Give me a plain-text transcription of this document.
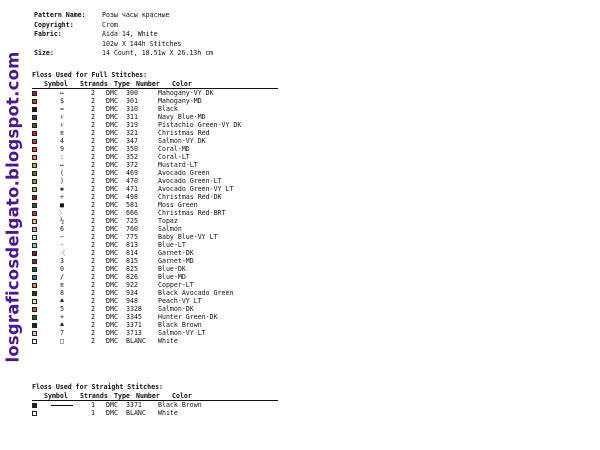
losgraficosdelgato.blogspot.com
Pattern Name:	Розы часы красные
Copyright:	Crom
Fabric:	Aida 14, White
102w X 144h Stitches
Size:	14 Count, 18.51w X 26.13h cm
Floss Used for Full Stitches:
Symbol	Strands Type Number	Color
↔	2	DMC	300	Mahogany-VY DK
$	2	DMC	301	Mahogany-MD
≈	2	DMC	310	Black
↑	2	DMC	311	Navy Blue-MD
↑	2	DMC	319	Pistachio Green-VY DK
≡	2	DMC	321	Christmas Red
4	2	DMC	347	Salmon-VY DK
9	2	DMC	350	Coral-MD
:	2	DMC	352	Coral-LT
↔	2	DMC	372	Mustard-LT
(	2	DMC	469	Avocado Green
)	2	DMC	470	Avocado Green-LT
✱	2	DMC	471	Avocado Green-VY LT
÷	2	DMC	498	Christmas Red-DK
■	2	DMC	581	Moss Green
〉	2	DMC	666	Christmas Red-BRT
½	2	DMC	725	Topaz
6	2	DMC	760	Salmon
−	2	DMC	775	Baby Blue-VY LT
·	2	DMC	813	Blue-LT
〈	2	DMC	814	Garnet-DK
3	2	DMC	815	Garnet-MD
0	2	DMC	825	Blue-DK
/	2	DMC	826	Blue-MD
≡	2	DMC	922	Copper-LT
8	2	DMC	934	Black Avocado Green
♣	2	DMC	948	Peach-VY LT
5	2	DMC	3328	Salmon-DK
+	2	DMC	3345	Hunter Green-DK
♣	2	DMC	3371	Black Brown
7	2	DMC	3713	Salmon-VY LT
□	2	DMC	BLANC	White
Floss Used for Straight Stitches:
Symbol	Strands Type Number	Color
1	DMC	3371	Black Brown
1	DMC	BLANC	White
